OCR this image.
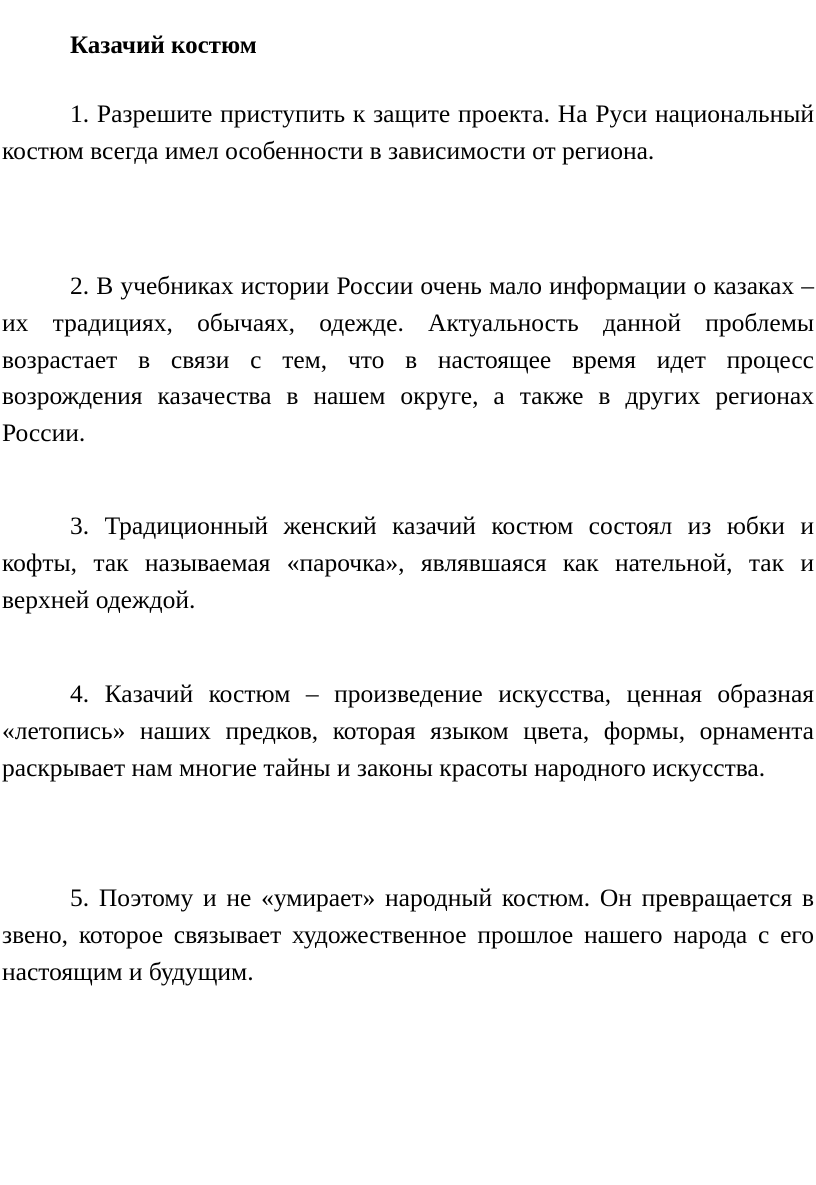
Казачий костюм

1. Разрешите приступить к защите проекта. На Руси национальный костюм всегда имел особенности в зависимости от региона.

2. В учебниках истории России очень мало информации о казаках – их традициях, обычаях, одежде. Актуальность данной проблемы возрастает в связи с тем, что в настоящее время идет процесс возрождения казачества в нашем округе, а также в других регионах России.

3. Традиционный женский казачий костюм состоял из юбки и кофты, так называемая «парочка», являвшаяся как нательной, так и верхней одеждой.

4. Казачий костюм – произведение искусства, ценная образная «летопись» наших предков, которая языком цвета, формы, орнамента раскрывает нам многие тайны и законы красоты народного искусства.

5. Поэтому и не «умирает» народный костюм. Он превращается в звено, которое связывает художественное прошлое нашего народа с его настоящим и будущим.
